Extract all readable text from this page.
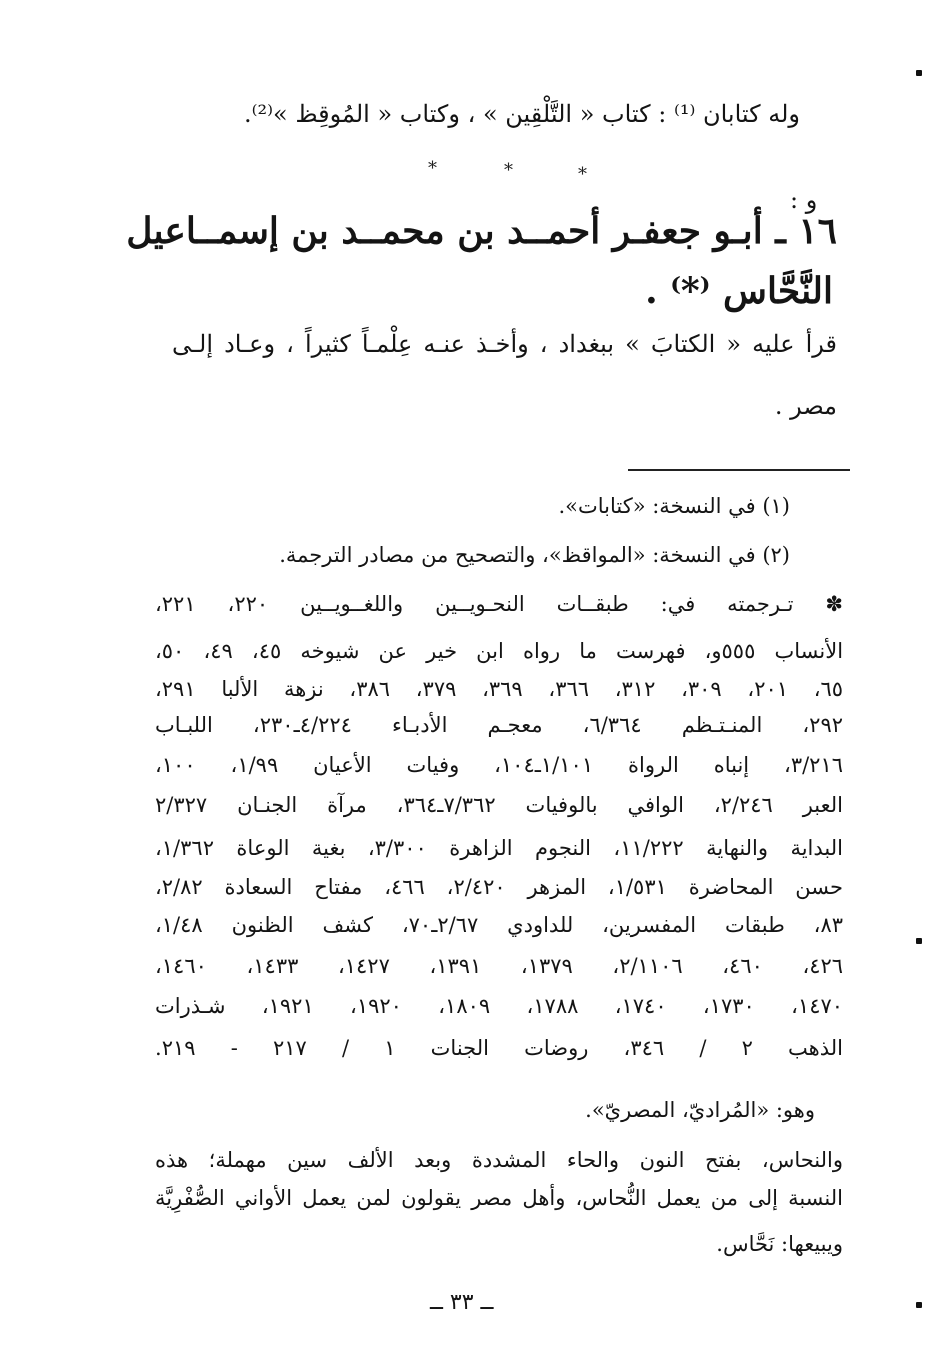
وله كتابان ⁽¹⁾ : كتاب « التَّلْقِين » ، وكتاب « المُوقِظ »⁽²⁾.
*	*	*
و :
١٦ ـ أبـو جعفـر أحمــد بن محمــد بن إسمــاعيل
النَّحَّاس ⁽*⁾ .
قرأ عليه « الكتابَ » ببغداد ، وأخـذ عنـه عِلْمـاً كثيراً ، وعـاد إلـى
مصر .
(١) في النسخة: «كتابات».
(٢) في النسخة: «المواقظ»، والتصحيح من مصادر الترجمة.
✽ تـرجمته في: طبقــات النحـويــين واللغــويــين ٢٢٠، ٢٢١،
الأنساب ٥٥٥و، فهرست ما رواه ابن خير عن شيوخه ٤٥، ٤٩، ٥٠،
٦٥، ٢٠١، ٣٠٩، ٣١٢، ٣٦٦، ٣٦٩، ٣٧٩، ٣٨٦، نزهة الألبا ٢٩١،
٢٩٢، المنـتـظم ٦/٣٦٤، معجـم الأدبـاء ٤/٢٢٤ـ٢٣٠، اللبـاب
٣/٢١٦، إنباه الرواة ١/١٠١ـ١٠٤، وفيات الأعيان ١/٩٩، ١٠٠،
العبر ٢/٢٤٦، الوافي بالوفيات ٧/٣٦٢ـ٣٦٤، مرآة الجنـان ٢/٣٢٧
البداية والنهاية ١١/٢٢٢، النجوم الزاهرة ٣/٣٠٠، بغية الوعاة ١/٣٦٢،
حسن المحاضرة ١/٥٣١، المزهر ٢/٤٢٠، ٤٦٦، مفتاح السعادة ٢/٨٢،
٨٣، طبقات المفسرين، للداودي ٢/٦٧ـ٧٠، كشف الظنون ١/٤٨،
٤٢٦، ٤٦٠، ٢/١١٠٦، ١٣٧٩، ١٣٩١، ١٤٢٧، ١٤٣٣، ١٤٦٠،
١٤٧٠، ١٧٣٠، ١٧٤٠، ١٧٨٨، ١٨٠٩، ١٩٢٠، ١٩٢١، شـذرات
الذهب ٢ / ٣٤٦، روضات الجنات ١ / ٢١٧ - ٢١٩.
وهو: «المُراديّ، المصريّ».
والنحاس، بفتح النون والحاء المشددة وبعد الألف سين مهملة؛ هذه
النسبة إلى من يعمل النُّحاس، وأهل مصر يقولون لمن يعمل الأواني الصُّفْرِيَّة
ويبيعها: نَحَّاس.
ــ ٣٣ ــ
